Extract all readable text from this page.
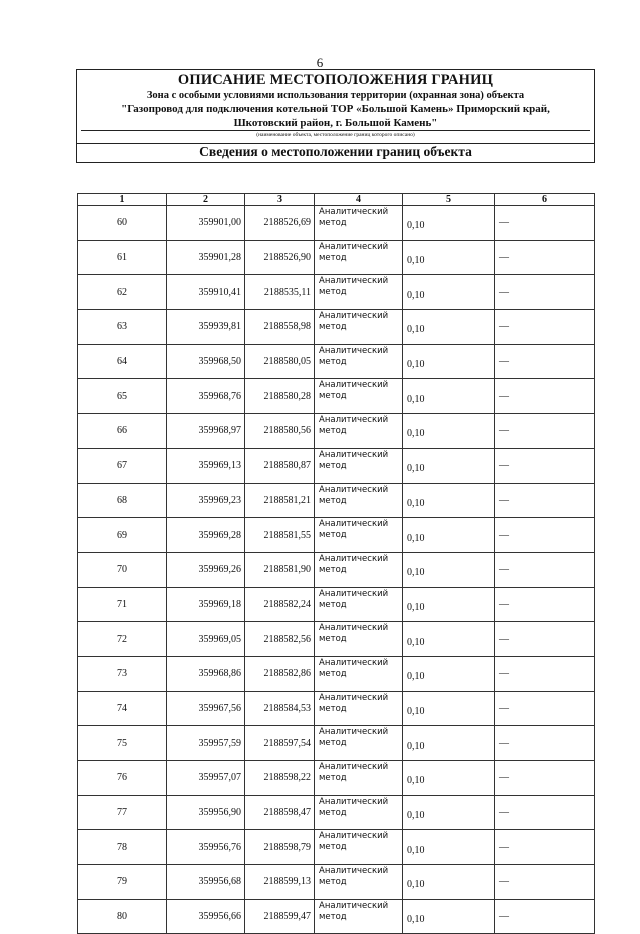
6
ОПИСАНИЕ МЕСТОПОЛОЖЕНИЯ ГРАНИЦ
Зона с особыми условиями использования территории (охранная зона) объекта
"Газопровод для подключения котельной ТОР «Большой Камень» Приморский край,
Шкотовский район, г. Большой Камень"
(наименование объекта, местоположение границ которого описано)
Сведения о местоположении границ объекта
1	2	3	4	5	6
60	359901,00	2188526,69	Аналитический метод	0,10	—
61	359901,28	2188526,90	Аналитический метод	0,10	—
62	359910,41	2188535,11	Аналитический метод	0,10	—
63	359939,81	2188558,98	Аналитический метод	0,10	—
64	359968,50	2188580,05	Аналитический метод	0,10	—
65	359968,76	2188580,28	Аналитический метод	0,10	—
66	359968,97	2188580,56	Аналитический метод	0,10	—
67	359969,13	2188580,87	Аналитический метод	0,10	—
68	359969,23	2188581,21	Аналитический метод	0,10	—
69	359969,28	2188581,55	Аналитический метод	0,10	—
70	359969,26	2188581,90	Аналитический метод	0,10	—
71	359969,18	2188582,24	Аналитический метод	0,10	—
72	359969,05	2188582,56	Аналитический метод	0,10	—
73	359968,86	2188582,86	Аналитический метод	0,10	—
74	359967,56	2188584,53	Аналитический метод	0,10	—
75	359957,59	2188597,54	Аналитический метод	0,10	—
76	359957,07	2188598,22	Аналитический метод	0,10	—
77	359956,90	2188598,47	Аналитический метод	0,10	—
78	359956,76	2188598,79	Аналитический метод	0,10	—
79	359956,68	2188599,13	Аналитический метод	0,10	—
80	359956,66	2188599,47	Аналитический метод	0,10	—
